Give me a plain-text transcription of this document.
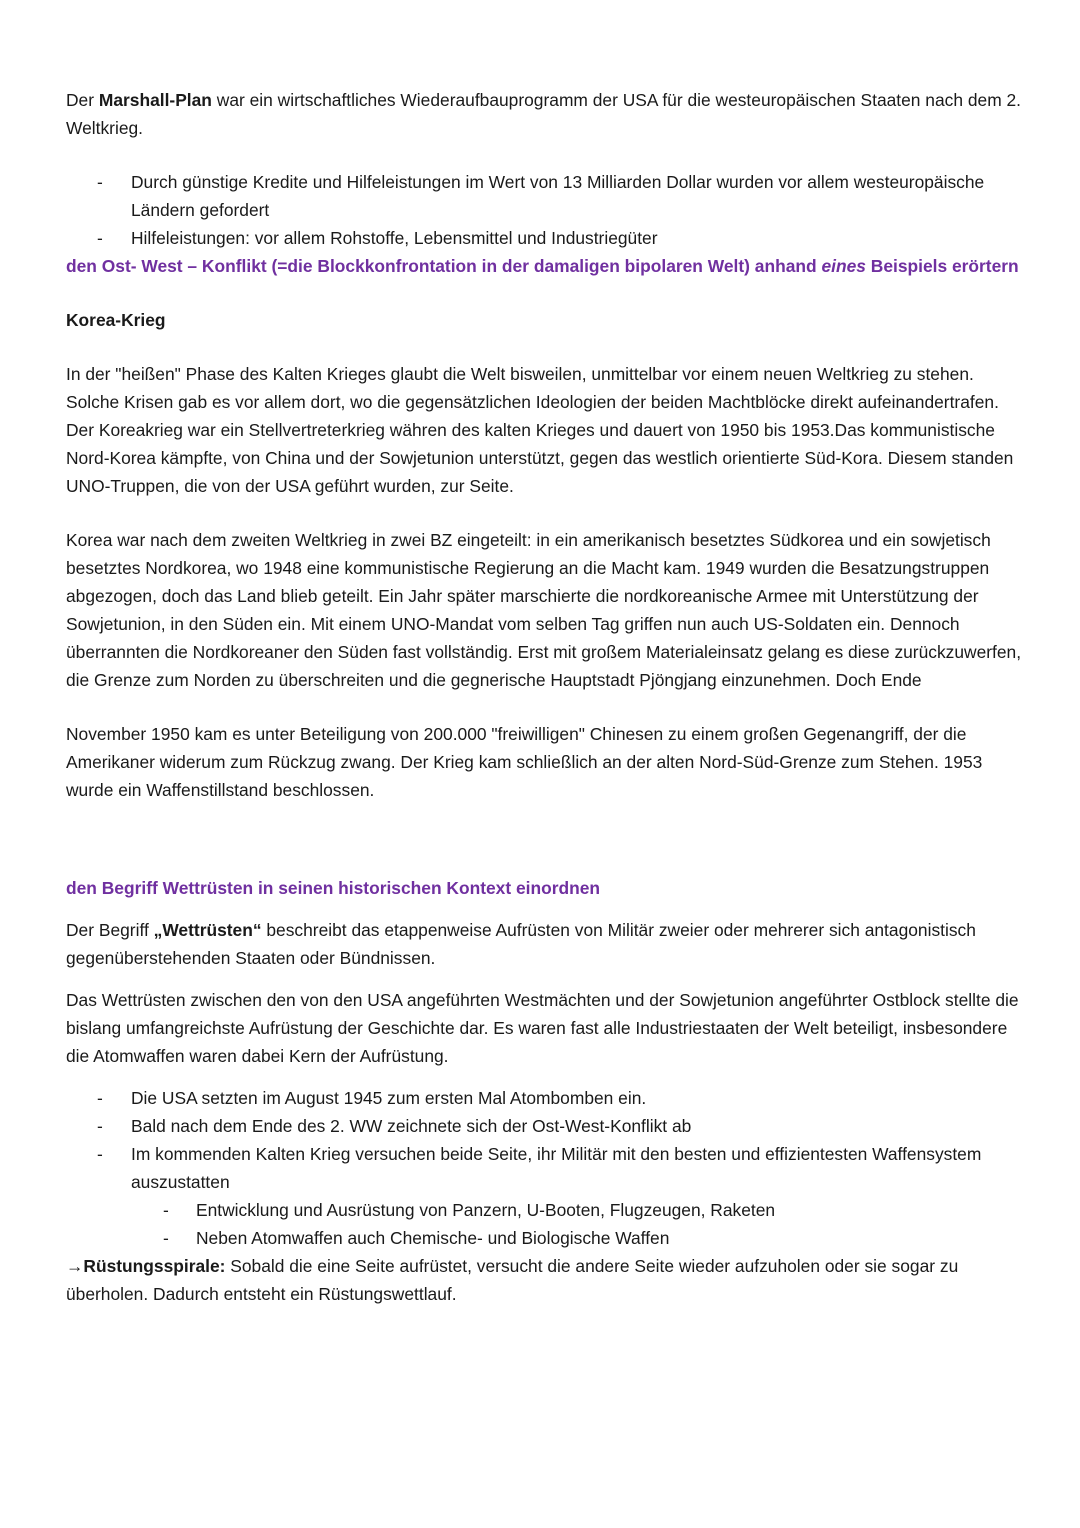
Der Marshall-Plan war ein wirtschaftliches Wiederaufbauprogramm der USA für die westeuropäischen Staaten nach dem 2. Weltkrieg.

- Durch günstige Kredite und Hilfeleistungen im Wert von 13 Milliarden Dollar wurden vor allem westeuropäische Ländern gefordert
- Hilfeleistungen: vor allem Rohstoffe, Lebensmittel und Industriegüter

den Ost- West – Konflikt (=die Blockkonfrontation in der damaligen bipolaren Welt) anhand eines Beispiels erörtern

Korea-Krieg

In der "heißen" Phase des Kalten Krieges glaubt die Welt bisweilen, unmittelbar vor einem neuen Weltkrieg zu stehen. Solche Krisen gab es vor allem dort, wo die gegensätzlichen Ideologien der beiden Machtblöcke direkt aufeinandertrafen. Der Koreakrieg war ein Stellvertreterkrieg währen des kalten Krieges und dauert von 1950 bis 1953.Das kommunistische Nord-Korea kämpfte, von China und der Sowjetunion unterstützt, gegen das westlich orientierte Süd-Kora. Diesem standen UNO-Truppen, die von der USA geführt wurden, zur Seite.

Korea war nach dem zweiten Weltkrieg in zwei BZ eingeteilt: in ein amerikanisch besetztes Südkorea und ein sowjetisch besetztes Nordkorea, wo 1948 eine kommunistische Regierung an die Macht kam. 1949 wurden die Besatzungstruppen abgezogen, doch das Land blieb geteilt. Ein Jahr später marschierte die nordkoreanische Armee mit Unterstützung der Sowjetunion, in den Süden ein. Mit einem UNO-Mandat vom selben Tag griffen nun auch US-Soldaten ein. Dennoch überrannten die Nordkoreaner den Süden fast vollständig. Erst mit großem Materialeinsatz gelang es diese zurückzuwerfen, die Grenze zum Norden zu überschreiten und die gegnerische Hauptstadt Pjöngjang einzunehmen. Doch Ende

November 1950 kam es unter Beteiligung von 200.000 "freiwilligen" Chinesen zu einem großen Gegenangriff, der die Amerikaner widerum zum Rückzug zwang. Der Krieg kam schließlich an der alten Nord-Süd-Grenze zum Stehen. 1953 wurde ein Waffenstillstand beschlossen.

den Begriff Wettrüsten in seinen historischen Kontext einordnen

Der Begriff „Wettrüsten“ beschreibt das etappenweise Aufrüsten von Militär zweier oder mehrerer sich antagonistisch gegenüberstehenden Staaten oder Bündnissen.

Das Wettrüsten zwischen den von den USA angeführten Westmächten und der Sowjetunion angeführter Ostblock stellte die bislang umfangreichste Aufrüstung der Geschichte dar. Es waren fast alle Industriestaaten der Welt beteiligt, insbesondere die Atomwaffen waren dabei Kern der Aufrüstung.

- Die USA setzten im August 1945 zum ersten Mal Atombomben ein.
- Bald nach dem Ende des 2. WW zeichnete sich der Ost-West-Konflikt ab
- Im kommenden Kalten Krieg versuchen beide Seite, ihr Militär mit den besten und effizientesten Waffensystem auszustatten
- Entwicklung und Ausrüstung von Panzern, U-Booten, Flugzeugen, Raketen
- Neben Atomwaffen auch Chemische- und Biologische Waffen

→Rüstungsspirale: Sobald die eine Seite aufrüstet, versucht die andere Seite wieder aufzuholen oder sie sogar zu überholen. Dadurch entsteht ein Rüstungswettlauf.
